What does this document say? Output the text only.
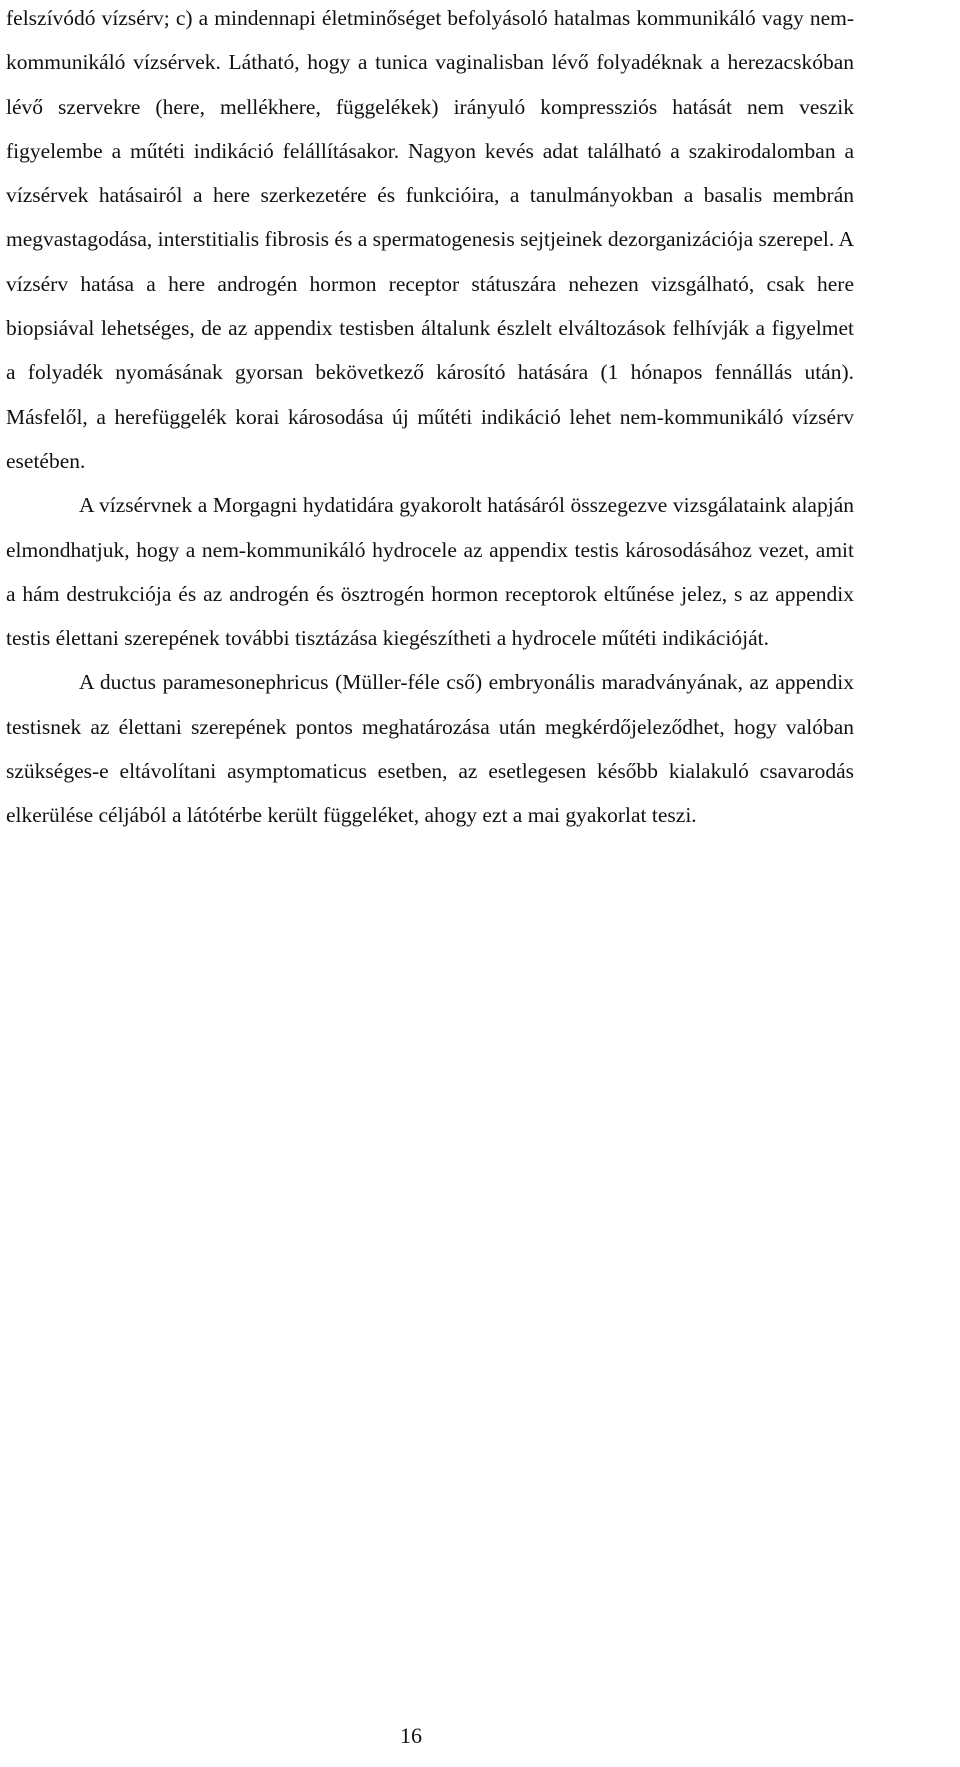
felszívódó vízsérv; c) a mindennapi életminőséget befolyásoló hatalmas kommunikáló vagy nem-kommunikáló vízsérvek. Látható, hogy a tunica vaginalisban lévő folyadéknak a herezacskóban lévő szervekre (here, mellékhere, függelékek) irányuló kompressziós hatását nem veszik figyelembe a műtéti indikáció felállításakor. Nagyon kevés adat található a szakirodalomban a vízsérvek hatásairól a here szerkezetére és funkcióira, a tanulmányokban a basalis membrán megvastagodása, interstitialis fibrosis és a spermatogenesis sejtjeinek dezorganizációja szerepel. A vízsérv hatása a here androgén hormon receptor státuszára nehezen vizsgálható, csak here biopsiával lehetséges, de az appendix testisben általunk észlelt elváltozások felhívják a figyelmet a folyadék nyomásának gyorsan bekövetkező károsító hatására (1 hónapos fennállás után). Másfelől, a herefüggelék korai károsodása új műtéti indikáció lehet nem-kommunikáló vízsérv esetében.

A vízsérvnek a Morgagni hydatidára gyakorolt hatásáról összegezve vizsgálataink alapján elmondhatjuk, hogy a nem-kommunikáló hydrocele az appendix testis károsodásához vezet, amit a hám destrukciója és az androgén és ösztrogén hormon receptorok eltűnése jelez, s az appendix testis élettani szerepének további tisztázása kiegészítheti a hydrocele műtéti indikációját.

A ductus paramesonephricus (Müller-féle cső) embryonális maradványának, az appendix testisnek az élettani szerepének pontos meghatározása után megkérdőjeleződhet, hogy valóban szükséges-e eltávolítani asymptomaticus esetben, az esetlegesen később kialakuló csavarodás elkerülése céljából a látótérbe került függeléket, ahogy ezt a mai gyakorlat teszi.

16
